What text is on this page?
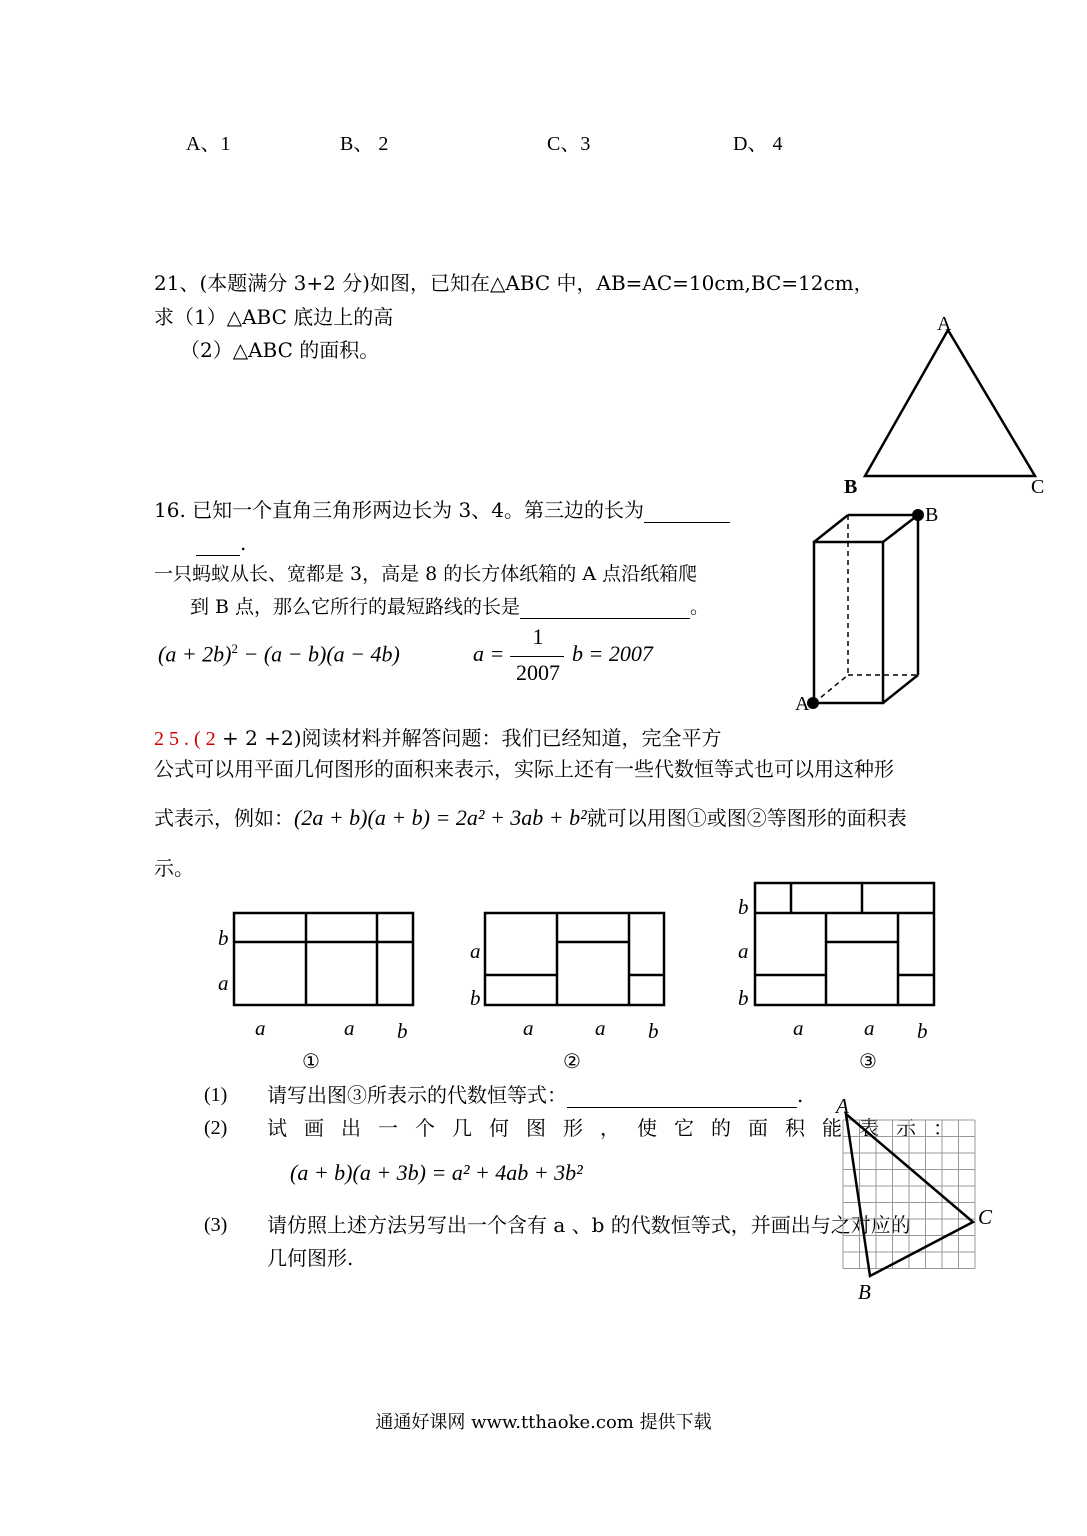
A、1	B、 2	C、3	D、 4
21、(本题满分 3+2 分)如图，已知在△ABC 中，AB=AC=10cm,BC=12cm，
求（1）△ABC 底边上的高
（2）△ABC 的面积。
A
B	C
16. 已知一个直角三角形两边长为 3、4。第三边的长为
.
一只蚂蚁从长、宽都是 3，高是 8 的长方体纸箱的 A 点沿纸箱爬
到 B 点，那么它所行的最短路线的长是	。
$(a + 2b)^2 - (a - b)(a - 4b)$	a =
1
2007
b = 2007
B
A
2 5 . ( 2 + 2 +2)阅读材料并解答问题：我们已经知道，完全平方
公式可以用平面几何图形的面积来表示，实际上还有一些代数恒等式也可以用这种形
式表示，例如：(2a + b)(a + b) = 2a² + 3ab + b²就可以用图①或图②等图形的面积表
示。
b
a
a	a b
①
a
b
a	a b
②
b
a
b
a	a b
③
(1) 请写出图③所表示的代数恒等式：	.
(2) 试画出一个几何图形，使它的面积能表示：
(a + b)(a + 3b) = a² + 4ab + 3b²
(3) 请仿照上述方法另写出一个含有 a 、b 的代数恒等式，并画出与之对应的
几何图形.
A
C
B
通通好课网 www.tthaoke.com 提供下载
